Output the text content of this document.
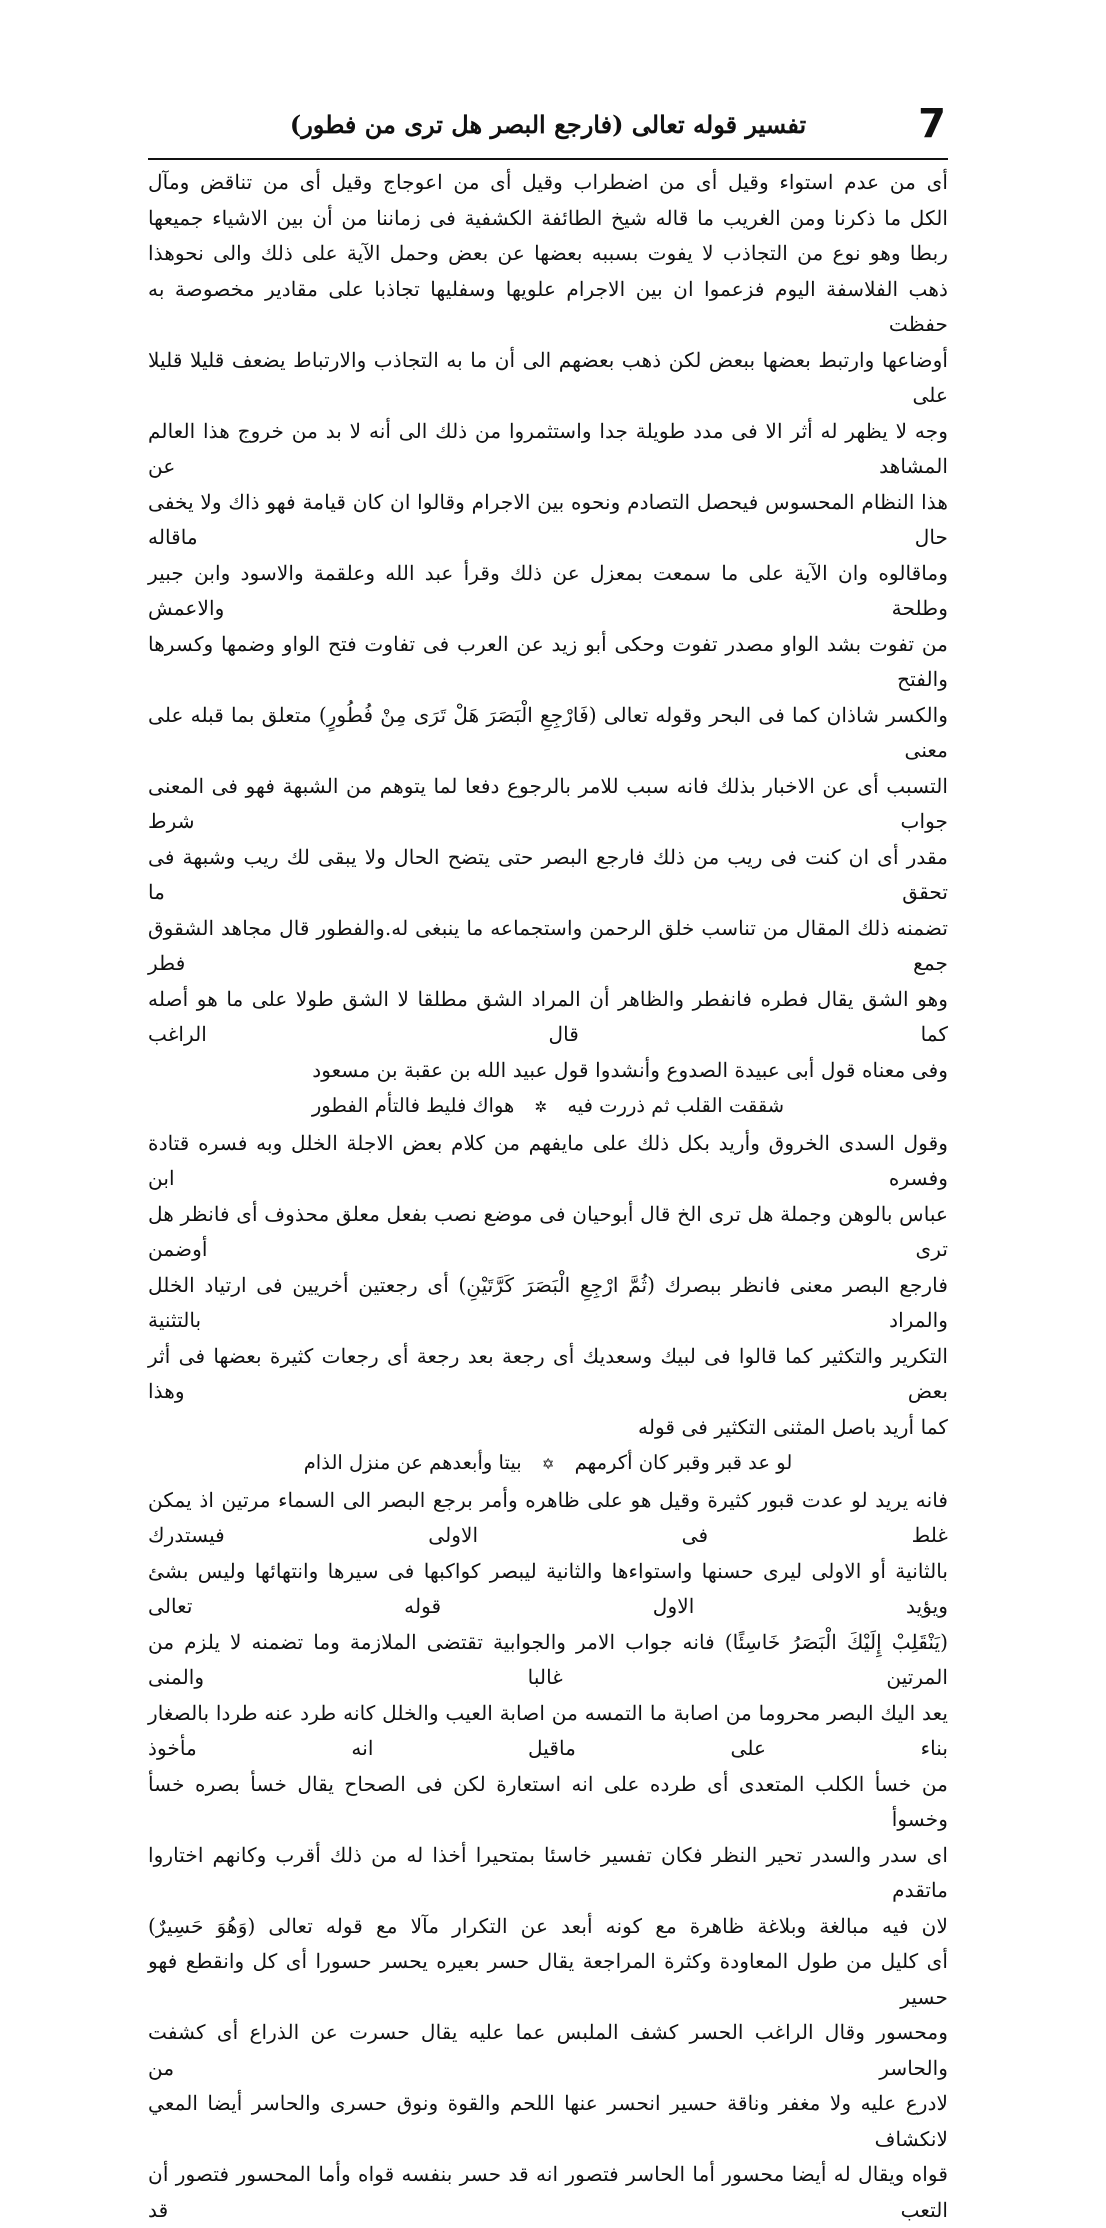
7
تفسير قوله تعالى (فارجع البصر هل ترى من فطور)

أى من عدم استواء وقيل أى من اضطراب وقيل أى من اعوجاج وقيل أى من تناقض ومآل

الكل ما ذكرنا ومن الغريب ما قاله شيخ الطائفة الكشفية فى زماننا من أن بين الاشياء جميعها

ربطا وهو نوع من التجاذب لا يفوت بسببه بعضها عن بعض وحمل الآية على ذلك والى نحوهذا

ذهب الفلاسفة اليوم فزعموا ان بين الاجرام علويها وسفليها تجاذبا على مقادير مخصوصة به حفظت

أوضاعها وارتبط بعضها ببعض لكن ذهب بعضهم الى أن ما به التجاذب والارتباط يضعف قليلا قليلا على

وجه لا يظهر له أثر الا فى مدد طويلة جدا واستثمروا من ذلك الى أنه لا بد من خروج هذا العالم المشاهد عن

هذا النظام المحسوس فيحصل التصادم ونحوه بين الاجرام وقالوا ان كان قيامة فهو ذاك ولا يخفى حال ماقاله

وماقالوه وان الآية على ما سمعت بمعزل عن ذلك وقرأ عبد الله وعلقمة والاسود وابن جبير وطلحة والاعمش

من تفوت بشد الواو مصدر تفوت وحكى أبو زيد عن العرب فى تفاوت فتح الواو وضمها وكسرها والفتح

والكسر شاذان كما فى البحر وقوله تعالى (فَارْجِعِ الْبَصَرَ هَلْ تَرَى مِنْ فُطُورٍ) متعلق بما قبله على معنى

التسبب أى عن الاخبار بذلك فانه سبب للامر بالرجوع دفعا لما يتوهم من الشبهة فهو فى المعنى جواب شرط

مقدر أى ان كنت فى ريب من ذلك فارجع البصر حتى يتضح الحال ولا يبقى لك ريب وشبهة فى تحقق ما

تضمنه ذلك المقال من تناسب خلق الرحمن واستجماعه ما ينبغى له.والفطور قال مجاهد الشقوق جمع فطر

وهو الشق يقال فطره فانفطر والظاهر أن المراد الشق مطلقا لا الشق طولا على ما هو أصله كما قال الراغب

وفى معناه قول أبى عبيدة الصدوع وأنشدوا قول عبيد الله بن عقبة بن مسعود

شققت القلب ثم ذررت فيه ✲ هواك فليط فالتأم الفطور

وقول السدى الخروق وأريد بكل ذلك على مايفهم من كلام بعض الاجلة الخلل وبه فسره قتادة وفسره ابن

عباس بالوهن وجملة هل ترى الخ قال أبوحيان فى موضع نصب بفعل معلق محذوف أى فانظر هل ترى أوضمن

فارجع البصر معنى فانظر ببصرك (ثُمَّ ارْجِعِ الْبَصَرَ كَرَّتَيْنِ) أى رجعتين أخريين فى ارتياد الخلل والمراد بالتثنية

التكرير والتكثير كما قالوا فى لبيك وسعديك أى رجعة بعد رجعة أى رجعات كثيرة بعضها فى أثر بعض وهذا

كما أريد باصل المثنى التكثير فى قوله

لو عد قبر وقبر كان أكرمهم ✡ بيتا وأبعدهم عن منزل الذام

فانه يريد لو عدت قبور كثيرة وقيل هو على ظاهره وأمر برجع البصر الى السماء مرتين اذ يمكن غلط فى الاولى فيستدرك

بالثانية أو الاولى ليرى حسنها واستواءها والثانية ليبصر كواكبها فى سيرها وانتهائها وليس بشئ ويؤيد الاول قوله تعالى

(يَنْقَلِبْ إِلَيْكَ الْبَصَرُ خَاسِئًا) فانه جواب الامر والجوابية تقتضى الملازمة وما تضمنه لا يلزم من المرتين غالبا والمنى

يعد اليك البصر محروما من اصابة ما التمسه من اصابة العيب والخلل كانه طرد عنه طردا بالصغار بناء على ماقيل انه مأخوذ

من خسأ الكلب المتعدى أى طرده على انه استعارة لكن فى الصحاح يقال خسأ بصره خسأ وخسوأ

اى سدر والسدر تحير النظر فكان تفسير خاسئا بمتحيرا أخذا له من ذلك أقرب وكانهم اختاروا ماتقدم

لان فيه مبالغة وبلاغة ظاهرة مع كونه أبعد عن التكرار مآلا مع قوله تعالى (وَهُوَ حَسِيرٌ)

أى كليل من طول المعاودة وكثرة المراجعة يقال حسر بعيره يحسر حسورا أى كل وانقطع فهو حسير

ومحسور وقال الراغب الحسر كشف الملبس عما عليه يقال حسرت عن الذراع أى كشفت والحاسر من

لادرع عليه ولا مغفر وناقة حسير انحسر عنها اللحم والقوة ونوق حسرى والحاسر أيضا المعي لانكشاف

قواه ويقال له أيضا محسور أما الحاسر فتصور انه قد حسر بنفسه قواه وأما المحسور فتصور أن التعب قد
